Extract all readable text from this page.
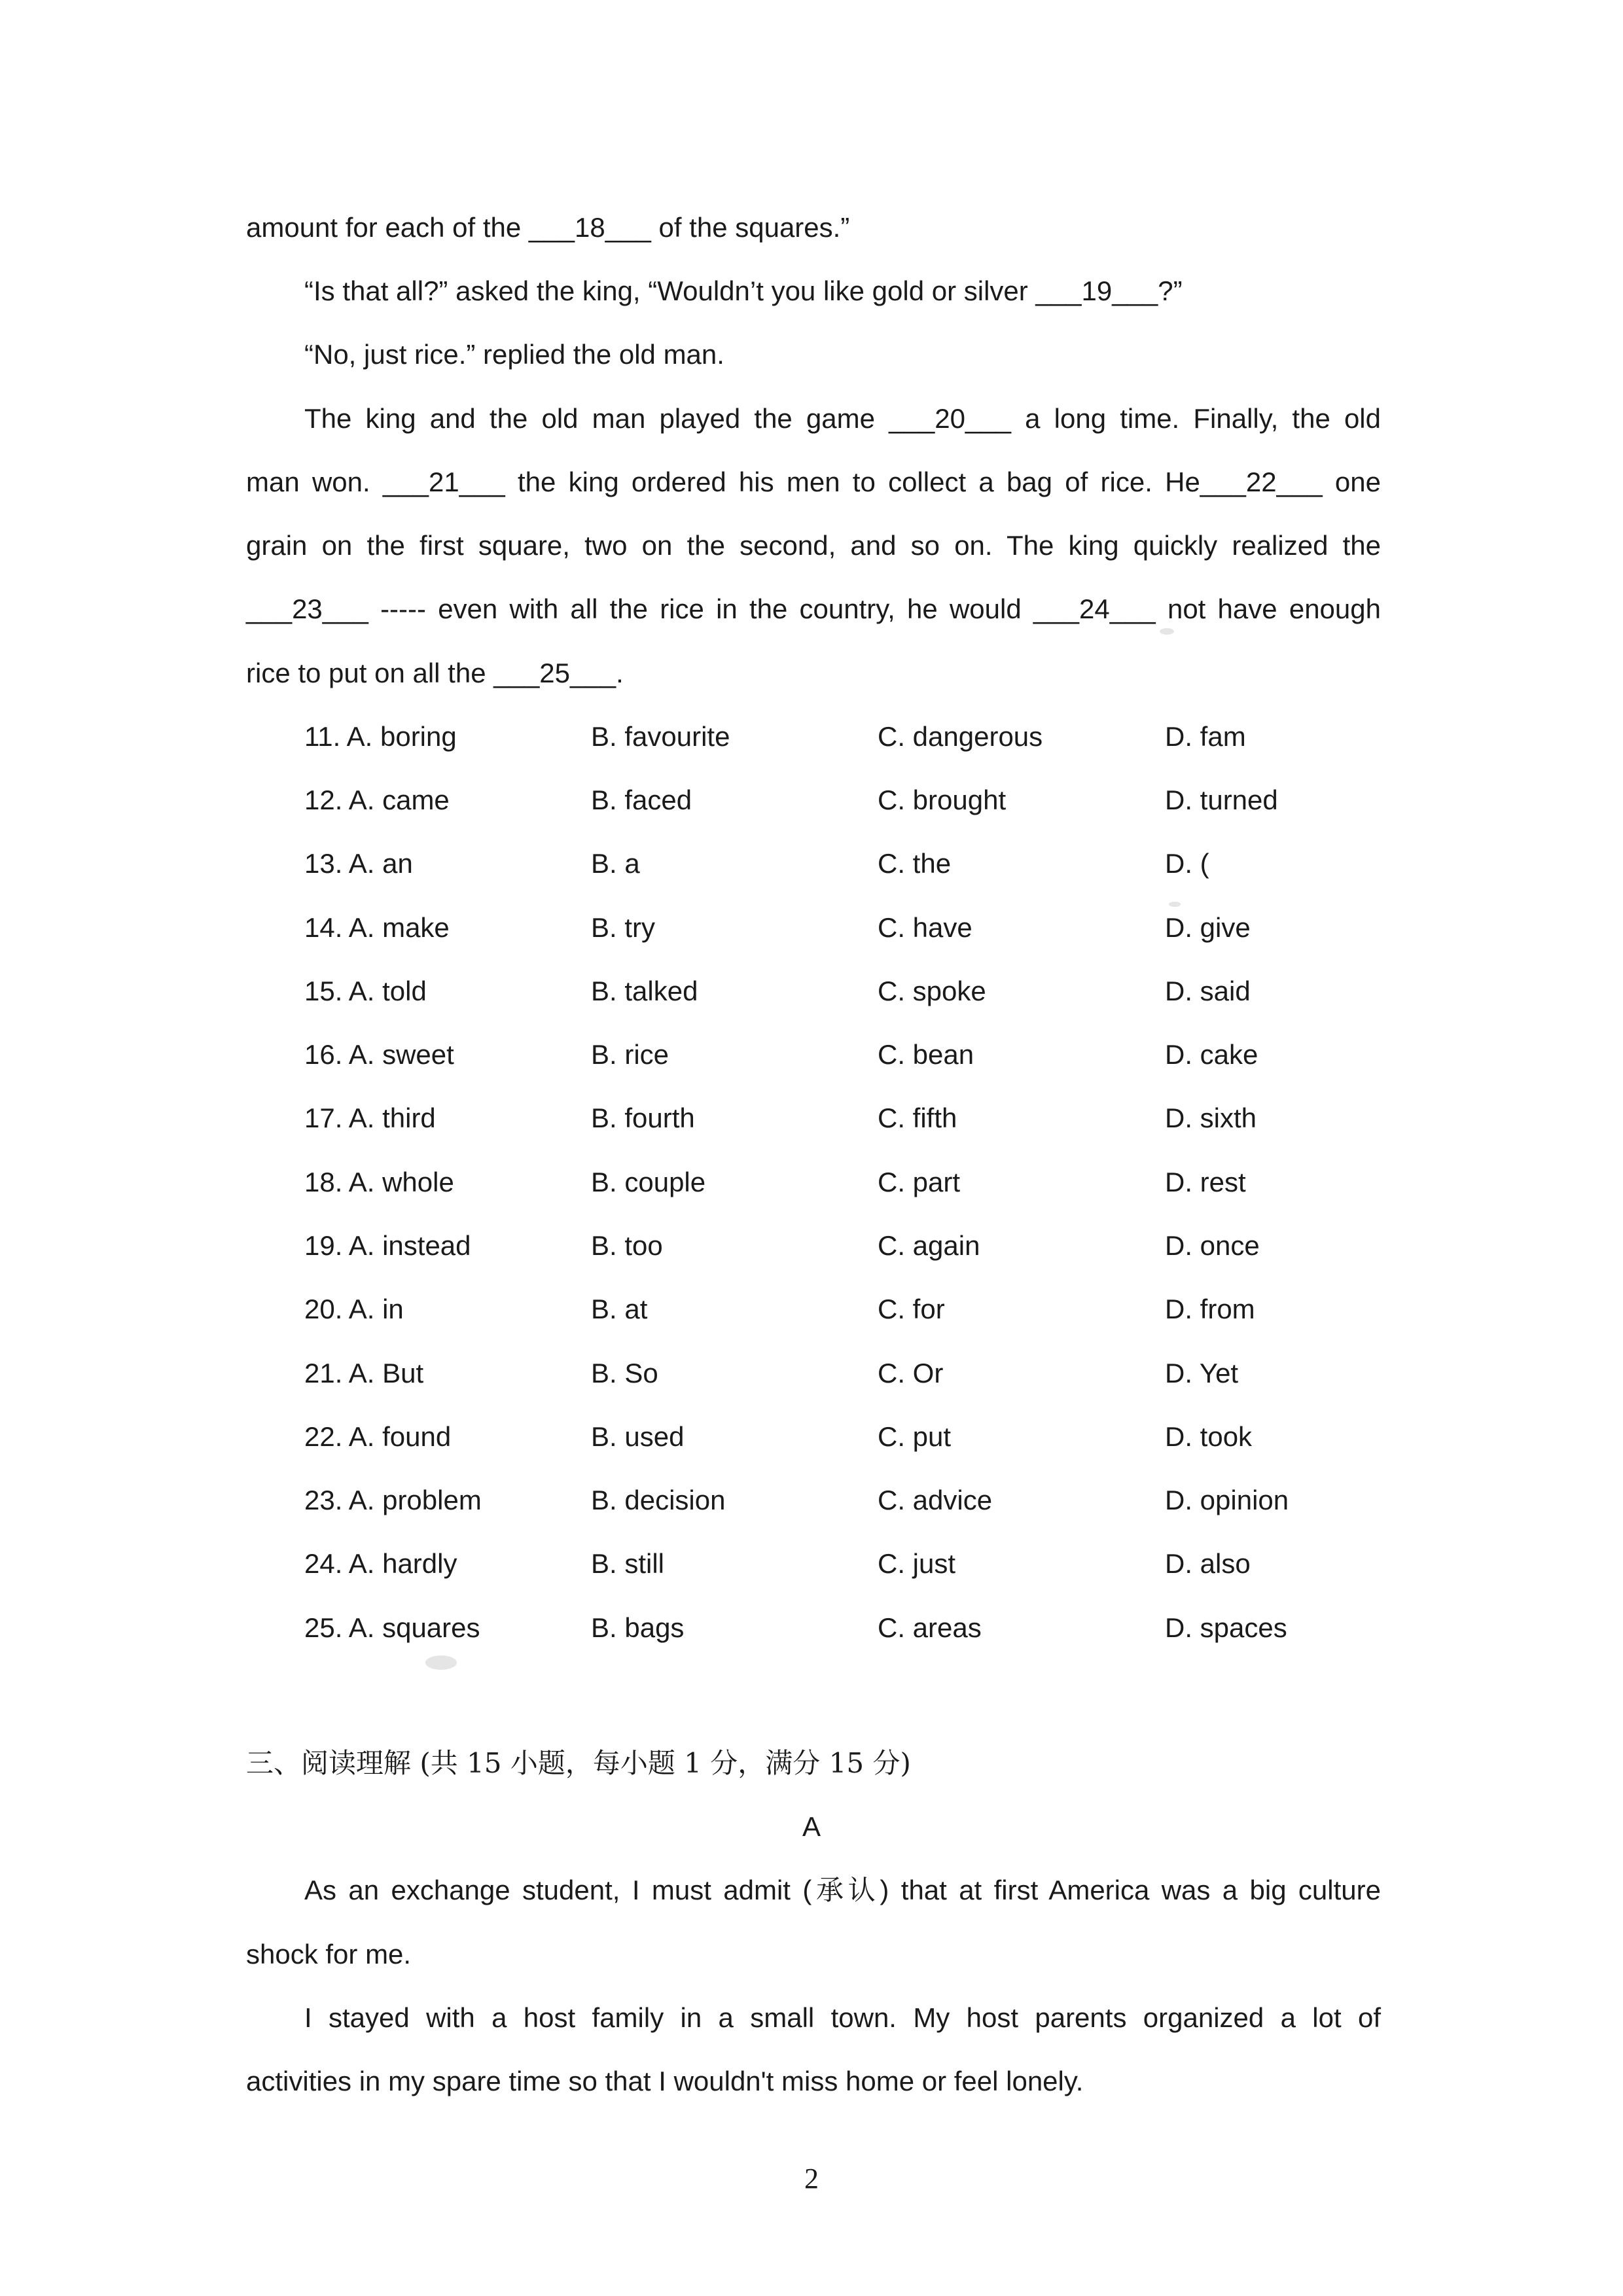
amount for each of the ___18___ of the squares.”
“Is that all?” asked the king, “Wouldn’t you like gold or silver ___19___?”
“No, just rice.” replied the old man.
The king and the old man played the game ___20___ a long time. Finally, the old
man won. ___21___ the king ordered his men to collect a bag of rice. He___22___ one
grain on the first square, two on the second, and so on. The king quickly realized the
___23___ ----- even with all the rice in the country, he would ___24___ not have enough
rice to put on all the ___25___.
11. A. boring	B. favourite	C. dangerous	D. fam
12. A. came	B. faced	C. brought	D. turned
13. A. an	B. a	C. the	D. (
14. A. make	B. try	C. have	D. give
15. A. told	B. talked	C. spoke	D. said
16. A. sweet	B. rice	C. bean	D. cake
17. A. third	B. fourth	C. fifth	D. sixth
18. A. whole	B. couple	C. part	D. rest
19. A. instead	B. too	C. again	D. once
20. A. in	B. at	C. for	D. from
21. A. But	B. So	C. Or	D. Yet
22. A. found	B. used	C. put	D. took
23. A. problem	B. decision	C. advice	D. opinion
24. A. hardly	B. still	C. just	D. also
25. A. squares	B. bags	C. areas	D. spaces
三、阅读理解 (共 15 小题，每小题 1 分，满分 15 分)
A
As an exchange student, I must admit (承认) that at first America was a big culture
shock for me.
I stayed with a host family in a small town. My host parents organized a lot of
activities in my spare time so that I wouldn't miss home or feel lonely.
2
